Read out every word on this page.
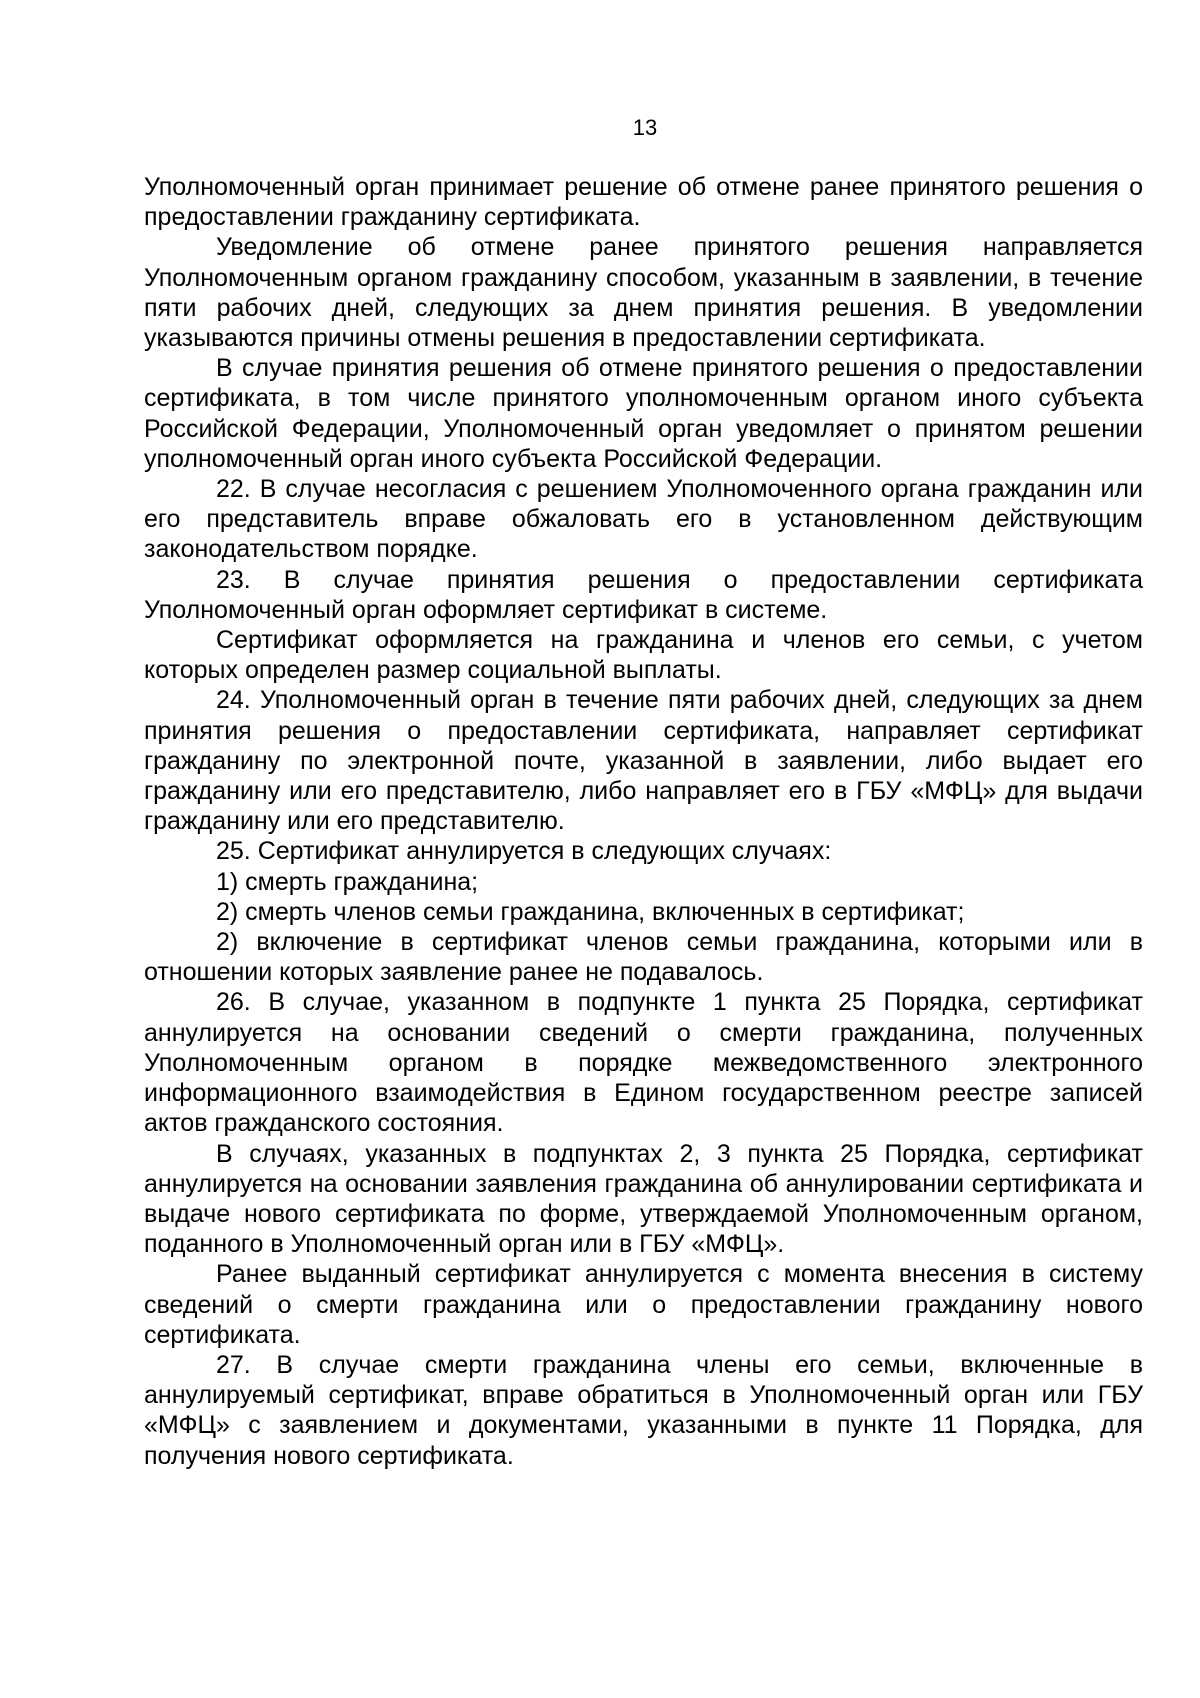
13

Уполномоченный орган принимает решение об отмене ранее принятого решения о предоставлении гражданину сертификата.

Уведомление об отмене ранее принятого решения направляется Уполномоченным органом гражданину способом, указанным в заявлении, в течение пяти рабочих дней, следующих за днем принятия решения. В уведомлении указываются причины отмены решения в предоставлении сертификата.

В случае принятия решения об отмене принятого решения о предоставлении сертификата, в том числе принятого уполномоченным органом иного субъекта Российской Федерации, Уполномоченный орган уведомляет о принятом решении уполномоченный орган иного субъекта Российской Федерации.

22. В случае несогласия с решением Уполномоченного органа гражданин или его представитель вправе обжаловать его в установленном действующим законодательством порядке.

23. В случае принятия решения о предоставлении сертификата Уполномоченный орган оформляет сертификат в системе.

Сертификат оформляется на гражданина и членов его семьи, с учетом которых определен размер социальной выплаты.

24. Уполномоченный орган в течение пяти рабочих дней, следующих за днем принятия решения о предоставлении сертификата, направляет сертификат гражданину по электронной почте, указанной в заявлении, либо выдает его гражданину или его представителю, либо направляет его в ГБУ «МФЦ» для выдачи гражданину или его представителю.

25. Сертификат аннулируется в следующих случаях:

1) смерть гражданина;

2) смерть членов семьи гражданина, включенных в сертификат;

2) включение в сертификат членов семьи гражданина, которыми или в отношении которых заявление ранее не подавалось.

26. В случае, указанном в подпункте 1 пункта 25 Порядка, сертификат аннулируется на основании сведений о смерти гражданина, полученных Уполномоченным органом в порядке межведомственного электронного информационного взаимодействия в Едином государственном реестре записей актов гражданского состояния.

В случаях, указанных в подпунктах 2, 3 пункта 25 Порядка, сертификат аннулируется на основании заявления гражданина об аннулировании сертификата и выдаче нового сертификата по форме, утверждаемой Уполномоченным органом, поданного в Уполномоченный орган или в ГБУ «МФЦ».

Ранее выданный сертификат аннулируется с момента внесения в систему сведений о смерти гражданина или о предоставлении гражданину нового сертификата.

27. В случае смерти гражданина члены его семьи, включенные в аннулируемый сертификат, вправе обратиться в Уполномоченный орган или ГБУ «МФЦ» с заявлением и документами, указанными в пункте 11 Порядка, для получения нового сертификата.
